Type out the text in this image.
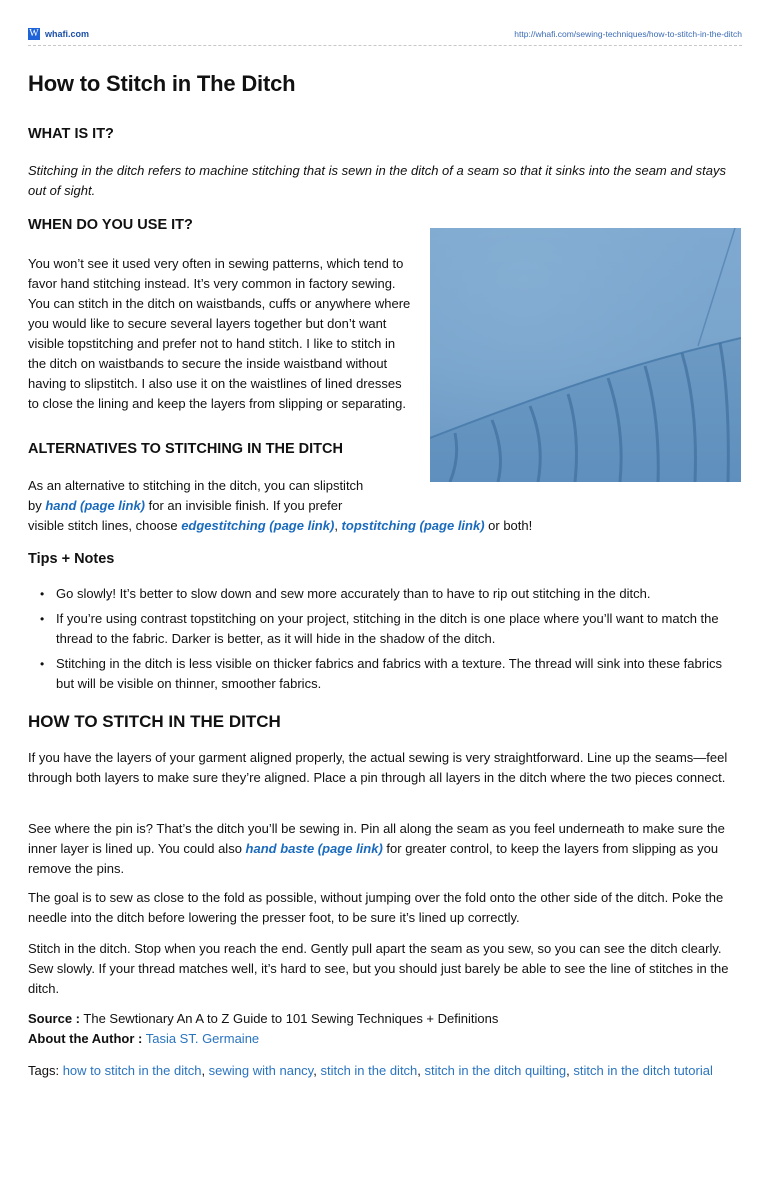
W whafi.com	http://whafi.com/sewing-techniques/how-to-stitch-in-the-ditch
How to Stitch in The Ditch
WHAT IS IT?

Stitching in the ditch refers to machine stitching that is sewn in the ditch of a seam so that it sinks into the seam and stays out of sight.

WHEN DO YOU USE IT?

You won’t see it used very often in sewing patterns, which tend to favor hand stitching instead. It’s very common in factory sewing. You can stitch in the ditch on waistbands, cuffs or anywhere where you would like to secure several layers together but don’t want visible topstitching and prefer not to hand stitch. I like to stitch in the ditch on waistbands to secure the inside waistband without having to slipstitch. I also use it on the waistlines of lined dresses to close the lining and keep the layers from slipping or separating.

ALTERNATIVES TO STITCHING IN THE DITCH
As an alternative to stitching in the ditch, you can slipstitch
by hand (page link) for an invisible finish. If you prefer
visible stitch lines, choose edgestitching (page link), topstitching (page link) or both!
Tips + Notes
• Go slowly! It’s better to slow down and sew more accurately than to have to rip out stitching in the ditch.
• If you’re using contrast topstitching on your project, stitching in the ditch is one place where you’ll want to match the thread to the fabric. Darker is better, as it will hide in the shadow of the ditch.
• Stitching in the ditch is less visible on thicker fabrics and fabrics with a texture. The thread will sink into these fabrics but will be visible on thinner, smoother fabrics.
HOW TO STITCH IN THE DITCH

If you have the layers of your garment aligned properly, the actual sewing is very straightforward. Line up the seams—feel through both layers to make sure they’re aligned. Place a pin through all layers in the ditch where the two pieces connect.

See where the pin is? That’s the ditch you’ll be sewing in. Pin all along the seam as you feel underneath to make sure the inner layer is lined up. You could also hand baste (page link) for greater control, to keep the layers from slipping as you remove the pins.

The goal is to sew as close to the fold as possible, without jumping over the fold onto the other side of the ditch. Poke the needle into the ditch before lowering the presser foot, to be sure it’s lined up correctly.

Stitch in the ditch. Stop when you reach the end. Gently pull apart the seam as you sew, so you can see the ditch clearly. Sew slowly. If your thread matches well, it’s hard to see, but you should just barely be able to see the line of stitches in the ditch.

Source : The Sewtionary An A to Z Guide to 101 Sewing Techniques + Definitions
About the Author : Tasia ST. Germaine
Tags: how to stitch in the ditch, sewing with nancy, stitch in the ditch, stitch in the ditch quilting, stitch in the ditch tutorial
